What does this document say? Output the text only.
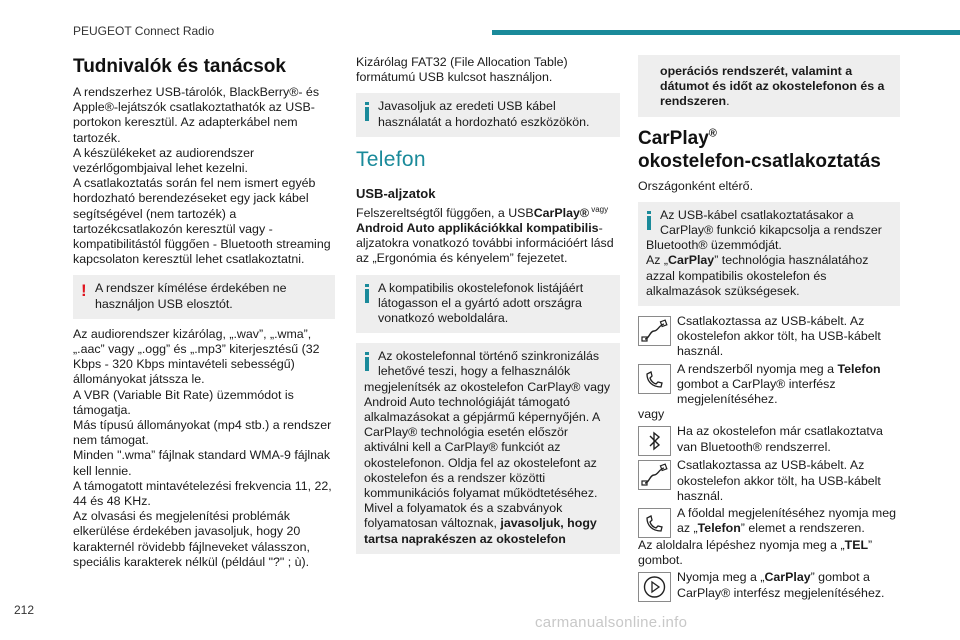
PEUGEOT Connect Radio
Tudnivalók és tanácsok

A rendszerhez USB-tárolók, BlackBerry®- és Apple®-lejátszók csatlakoztathatók az USB-portokon keresztül. Az adapterkábel nem tartozék.

A készülékeket az audiorendszer vezérlőgombjaival lehet kezelni.

A csatlakoztatás során fel nem ismert egyéb hordozható berendezéseket egy jack kábel segítségével (nem tartozék) a tartozékcsatlakozón keresztül vagy - kompatibilitástól függően - Bluetooth streaming kapcsolaton keresztül lehet csatlakoztatni.

! A rendszer kímélése érdekében ne használjon USB elosztót.

Az audiorendszer kizárólag, „.wav”, „.wma”, „.aac” vagy „.ogg” és „.mp3” kiterjesztésű (32 Kbps - 320 Kbps mintavételi sebességű) állományokat játssza le.

A VBR (Variable Bit Rate) üzemmódot is támogatja.

Más típusú állományokat (mp4 stb.) a rendszer nem támogat.

Minden ".wma” fájlnak standard WMA-9 fájlnak kell lennie.

A támogatott mintavételezési frekvencia 11, 22, 44 és 48 KHz.

Az olvasási és megjelenítési problémák elkerülése érdekében javasoljuk, hogy 20 karakternél rövidebb fájlneveket válasszon, speciális karakterek nélkül (például "?" ; ù).

Kizárólag FAT32 (File Allocation Table) formátumú USB kulcsot használjon.

Javasoljuk az eredeti USB kábel használatát a hordozható eszközökön.

Telefon
USB-aljzatok

Felszereltségtől függően, a USBCarPlay® $^{vagy}$
Android Auto applikációkkal kompatibilis-aljzatokra vonatkozó további információért lásd az „Ergonómia és kényelem” fejezetet.

A kompatibilis okostelefonok listájáért látogasson el a gyártó adott országra vonatkozó weboldalára.

Az okostelefonnal történő szinkronizálás lehetővé teszi, hogy a felhasználók
megjelenítsék az okostelefon CarPlay® vagy Android Auto technológiáját támogató alkalmazásokat a gépjármű képernyőjén. A CarPlay® technológia esetén először aktiválni kell a CarPlay® funkciót az okostelefonon. Oldja fel az okostelefont az okostelefon és a rendszer közötti kommunikációs folyamat működtetéséhez.
Mivel a folyamatok és a szabványok folyamatosan változnak, javasoljuk, hogy tartsa naprakészen az okostelefon

operációs rendszerét, valamint a dátumot és időt az okostelefonon és a rendszeren.

CarPlay®
okostelefon-csatlakoztatás

Országonként eltérő.

Az USB-kábel csatlakoztatásakor a CarPlay® funkció kikapcsolja a rendszer
Bluetooth® üzemmódját.
Az „CarPlay” technológia használatához azzal kompatibilis okostelefon és alkalmazások szükségesek.

Csatlakoztassa az USB-kábelt. Az okostelefon akkor tölt, ha USB-kábelt használ.

A rendszerből nyomja meg a Telefon gombot a CarPlay® interfész megjelenítéséhez.

vagy

Ha az okostelefon már csatlakoztatva van Bluetooth® rendszerrel.

Csatlakoztassa az USB-kábelt. Az okostelefon akkor tölt, ha USB-kábelt használ.

A főoldal megjelenítéséhez nyomja meg az „Telefon” elemet a rendszeren.

Az aloldalra lépéshez nyomja meg a „TEL” gombot.

Nyomja meg a „CarPlay” gombot a CarPlay® interfész megjelenítéséhez.

212
carmanualsonline.info
